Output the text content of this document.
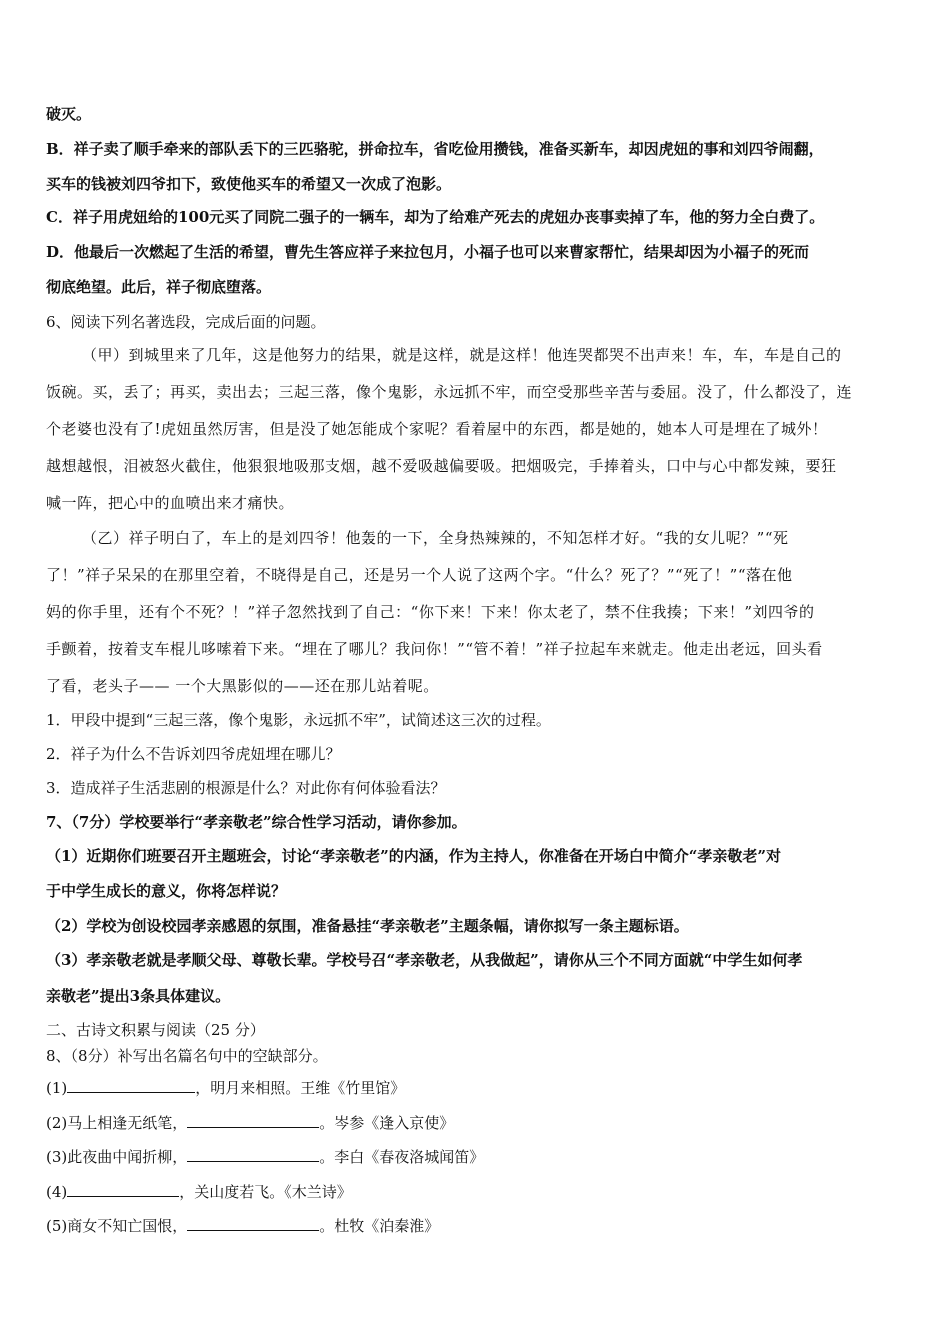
破灭。
B．祥子卖了顺手牵来的部队丢下的三匹骆驼，拼命拉车，省吃俭用攒钱，准备买新车，却因虎妞的事和刘四爷闹翻，
买车的钱被刘四爷扣下，致使他买车的希望又一次成了泡影。
C．祥子用虎妞给的100元买了同院二强子的一辆车，却为了给难产死去的虎妞办丧事卖掉了车，他的努力全白费了。
D．他最后一次燃起了生活的希望，曹先生答应祥子来拉包月，小福子也可以来曹家帮忙，结果却因为小福子的死而
彻底绝望。此后，祥子彻底堕落。
6、阅读下列名著选段，完成后面的问题。
（甲）到城里来了几年，这是他努力的结果，就是这样，就是这样！他连哭都哭不出声来！车，车，车是自己的
饭碗。买，丢了；再买，卖出去；三起三落，像个鬼影，永远抓不牢，而空受那些辛苦与委屈。没了，什么都没了，连
个老婆也没有了!虎妞虽然厉害，但是没了她怎能成个家呢？看着屋中的东西，都是她的，她本人可是埋在了城外！
越想越恨，泪被怒火截住，他狠狠地吸那支烟，越不爱吸越偏要吸。把烟吸完，手捧着头，口中与心中都发辣，要狂
喊一阵，把心中的血喷出来才痛快。
（乙）祥子明白了，车上的是刘四爷！他轰的一下，全身热辣辣的，不知怎样才好。“我的女儿呢？”“死
了！”祥子呆呆的在那里空着，不晓得是自己，还是另一个人说了这两个字。“什么？死了？”“死了！”“落在他
妈的你手里，还有个不死？！”祥子忽然找到了自己：“你下来！下来！你太老了，禁不住我揍；下来！”刘四爷的
手颤着，按着支车棍儿哆嗦着下来。“埋在了哪儿？我问你！”“管不着！”祥子拉起车来就走。他走出老远，回头看
了看，老头子—— 一个大黑影似的——还在那儿站着呢。
1．甲段中提到“三起三落，像个鬼影，永远抓不牢”，试简述这三次的过程。
2．祥子为什么不告诉刘四爷虎妞埋在哪儿？
3．造成祥子生活悲剧的根源是什么？对此你有何体验看法？
7、（7分）学校要举行“孝亲敬老”综合性学习活动，请你参加。
（1）近期你们班要召开主题班会，讨论“孝亲敬老”的内涵，作为主持人，你准备在开场白中简介“孝亲敬老”对
于中学生成长的意义，你将怎样说？
（2）学校为创设校园孝亲感恩的氛围，准备悬挂“孝亲敬老”主题条幅，请你拟写一条主题标语。
（3）孝亲敬老就是孝顺父母、尊敬长辈。学校号召“孝亲敬老，从我做起”，请你从三个不同方面就“中学生如何孝
亲敬老”提出3条具体建议。
二、古诗文积累与阅读（25 分）
8、（8分）补写出名篇名句中的空缺部分。
(1)	，明月来相照。王维《竹里馆》
(2)马上相逢无纸笔，	。岑参《逢入京使》
(3)此夜曲中闻折柳，	。李白《春夜洛城闻笛》
(4)	，关山度若飞。《木兰诗》
(5)商女不知亡国恨，	。杜牧《泊秦淮》
